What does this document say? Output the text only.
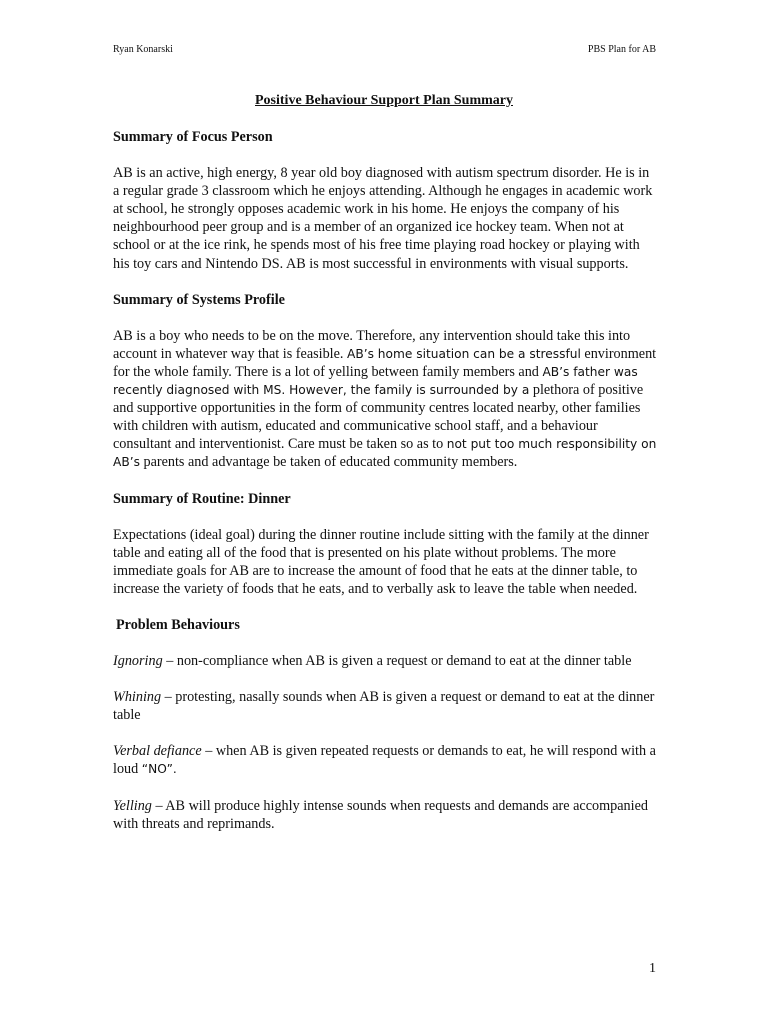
Ryan Konarski	PBS Plan for AB
Positive Behaviour Support Plan Summary

Summary of Focus Person

AB is an active, high energy, 8 year old boy diagnosed with autism spectrum disorder. He is in a regular grade 3 classroom which he enjoys attending. Although he engages in academic work at school, he strongly opposes academic work in his home. He enjoys the company of his neighbourhood peer group and is a member of an organized ice hockey team. When not at school or at the ice rink, he spends most of his free time playing road hockey or playing with his toy cars and Nintendo DS. AB is most successful in environments with visual supports.

Summary of Systems Profile

AB is a boy who needs to be on the move. Therefore, any intervention should take this into account in whatever way that is feasible. AB’s home situation can be a stressful environment for the whole family. There is a lot of yelling between family members and AB’s father was recently diagnosed with MS. However, the family is surrounded by a plethora of positive and supportive opportunities in the form of community centres located nearby, other families with children with autism, educated and communicative school staff, and a behaviour consultant and interventionist. Care must be taken so as to not put too much responsibility on AB’s parents and advantage be taken of educated community members.

Summary of Routine: Dinner

Expectations (ideal goal) during the dinner routine include sitting with the family at the dinner table and eating all of the food that is presented on his plate without problems. The more immediate goals for AB are to increase the amount of food that he eats at the dinner table, to increase the variety of foods that he eats, and to verbally ask to leave the table when needed.

Problem Behaviours

Ignoring – non-compliance when AB is given a request or demand to eat at the dinner table

Whining – protesting, nasally sounds when AB is given a request or demand to eat at the dinner table

Verbal defiance – when AB is given repeated requests or demands to eat, he will respond with a loud “NO”.

Yelling – AB will produce highly intense sounds when requests and demands are accompanied with threats and reprimands.

1
